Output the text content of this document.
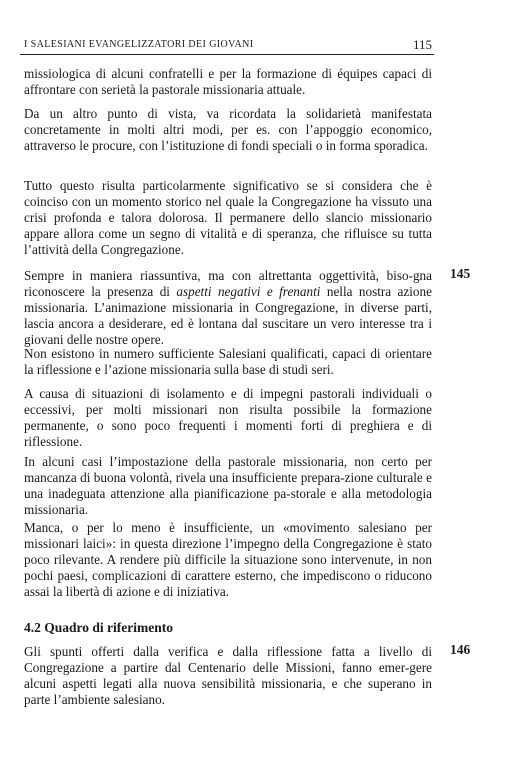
I SALESIANI EVANGELIZZATORI DEI GIOVANI	115
missiologica di alcuni confratelli e per la formazione di équipes capaci di affrontare con serietà la pastorale missionaria attuale.
Da un altro punto di vista, va ricordata la solidarietà manifestata concretamente in molti altri modi, per es. con l’appoggio economico, attraverso le procure, con l’istituzione di fondi speciali o in forma sporadica.
Tutto questo risulta particolarmente significativo se si considera che è coinciso con un momento storico nel quale la Congregazione ha vissuto una crisi profonda e talora dolorosa. Il permanere dello slancio missionario appare allora come un segno di vitalità e di speranza, che rifluisce su tutta l’attività della Congregazione.
145
Sempre in maniera riassuntiva, ma con altrettanta oggettività, biso-gna riconoscere la presenza di aspetti negativi e frenanti nella nostra azione missionaria. L’animazione missionaria in Congregazione, in diverse parti, lascia ancora a desiderare, ed è lontana dal suscitare un vero interesse tra i giovani delle nostre opere.
Non esistono in numero sufficiente Salesiani qualificati, capaci di orientare la riflessione e l’azione missionaria sulla base di studi seri.
A causa di situazioni di isolamento e di impegni pastorali individuali o eccessivi, per molti missionari non risulta possibile la formazione permanente, o sono poco frequenti i momenti forti di preghiera e di riflessione.
In alcuni casi l’impostazione della pastorale missionaria, non certo per mancanza di buona volontà, rivela una insufficiente prepara-zione culturale e una inadeguata attenzione alla pianificazione pa-storale e alla metodologia missionaria.
Manca, o per lo meno è insufficiente, un «movimento salesiano per missionari laici»: in questa direzione l’impegno della Congregazione è stato poco rilevante. A rendere più difficile la situazione sono intervenute, in non pochi paesi, complicazioni di carattere esterno, che impediscono o riducono assai la libertà di azione e di iniziativa.
4.2 Quadro di riferimento
146
Gli spunti offerti dalla verifica e dalla riflessione fatta a livello di Congregazione a partire dal Centenario delle Missioni, fanno emer-gere alcuni aspetti legati alla nuova sensibilità missionaria, e che superano in parte l’ambiente salesiano.
